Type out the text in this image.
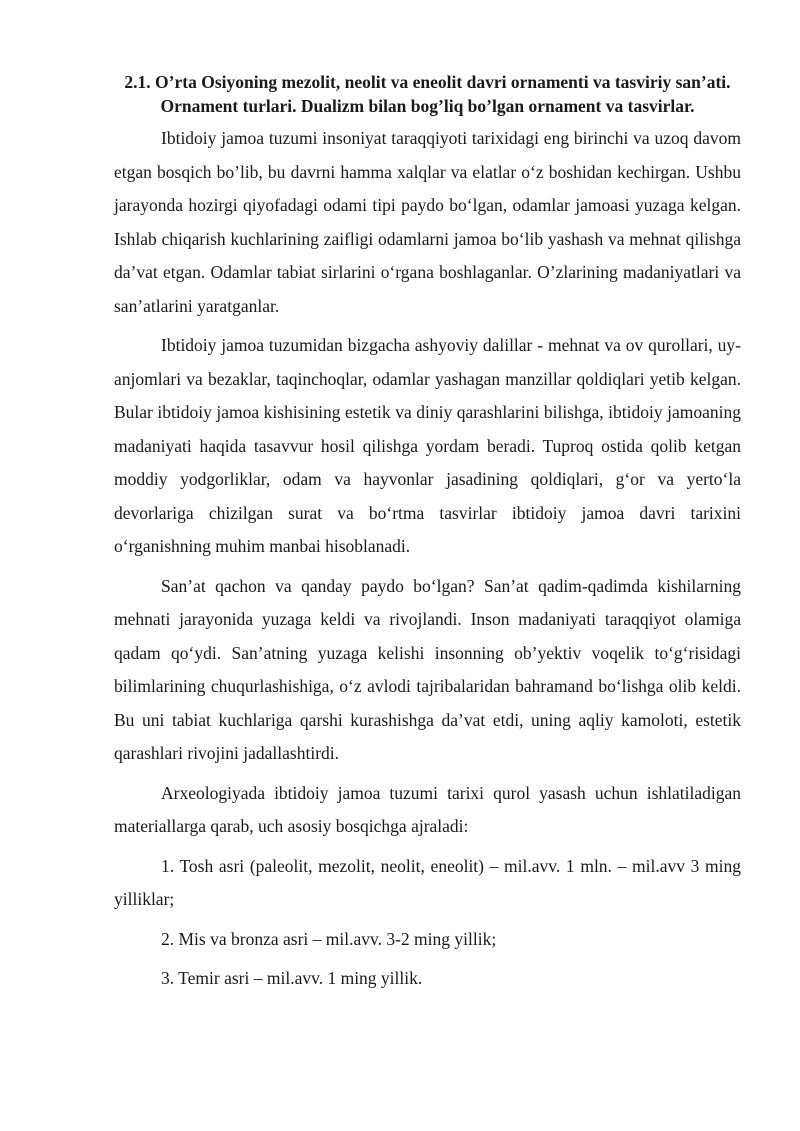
2.1. O’rta Osiyoning mezolit, neolit va eneolit davri ornamenti va tasviriy san’ati. Ornament turlari. Dualizm bilan bog’liq bo’lgan ornament va tasvirlar.

Ibtidoiy jamoa tuzumi insoniyat taraqqiyoti tarixidagi eng birinchi va uzoq davom etgan bosqich bo’lib, bu davrni hamma xalqlar va elatlar o‘z boshidan kechirgan. Ushbu jarayonda hozirgi qiyofadagi odami tipi paydo bo‘lgan, odamlar jamoasi yuzaga kelgan. Ishlab chiqarish kuchlarining zaifligi odamlarni jamoa bo‘lib yashash va mehnat qilishga da’vat etgan. Odamlar tabiat sirlarini o‘rgana boshlaganlar. O’zlarining madaniyatlari va san’atlarini yaratganlar.

Ibtidoiy jamoa tuzumidan bizgacha ashyoviy dalillar - mehnat va ov qurollari, uy-anjomlari va bezaklar, taqinchoqlar, odamlar yashagan manzillar qoldiqlari yetib kelgan. Bular ibtidoiy jamoa kishisining estetik va diniy qarashlarini bilishga, ibtidoiy jamoaning madaniyati haqida tasavvur hosil qilishga yordam beradi. Tuproq ostida qolib ketgan moddiy yodgorliklar, odam va hayvonlar jasadining qoldiqlari, g‘or va yerto‘la devorlariga chizilgan surat va bo‘rtma tasvirlar ibtidoiy jamoa davri tarixini o‘rganishning muhim manbai hisoblanadi.

San’at qachon va qanday paydo bo‘lgan? San’at qadim-qadimda kishilarning mehnati jarayonida yuzaga keldi va rivojlandi. Inson madaniyati taraqqiyot olamiga qadam qo‘ydi. San’atning yuzaga kelishi insonning ob’yektiv voqelik to‘g‘risidagi bilimlarining chuqurlashishiga, o‘z avlodi tajribalaridan bahramand bo‘lishga olib keldi. Bu uni tabiat kuchlariga qarshi kurashishga da’vat etdi, uning aqliy kamoloti, estetik qarashlari rivojini jadallashtirdi.

Arxeologiyada ibtidoiy jamoa tuzumi tarixi qurol yasash uchun ishlatiladigan materiallarga qarab, uch asosiy bosqichga ajraladi:

1. Tosh asri (paleolit, mezolit, neolit, eneolit) – mil.avv. 1 mln. – mil.avv 3 ming yilliklar;

2. Mis va bronza asri – mil.avv. 3-2 ming yillik;

3. Temir asri – mil.avv. 1 ming yillik.
